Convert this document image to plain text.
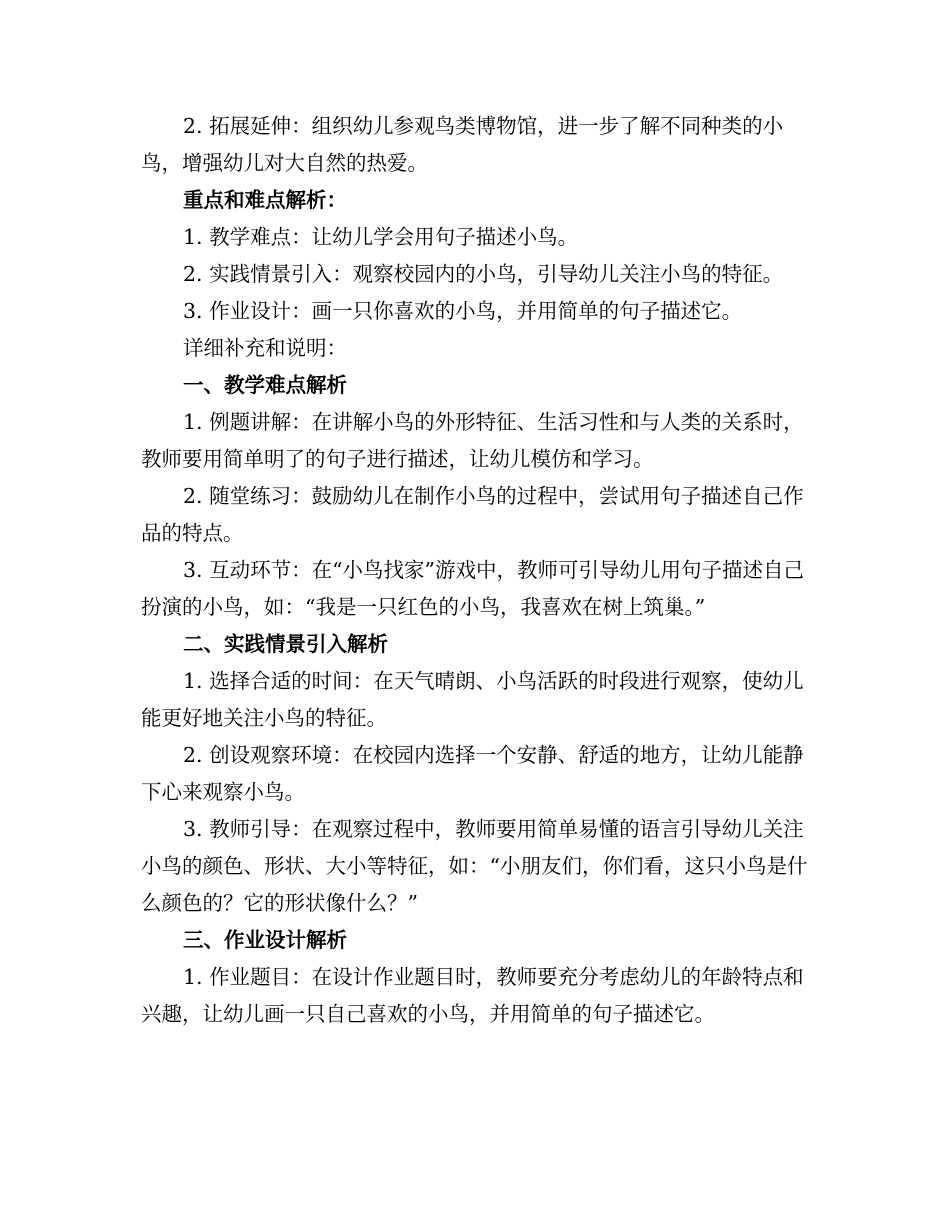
2. 拓展延伸：组织幼儿参观鸟类博物馆，进一步了解不同种类的小鸟，增强幼儿对大自然的热爱。

重点和难点解析：

1. 教学难点：让幼儿学会用句子描述小鸟。

2. 实践情景引入：观察校园内的小鸟，引导幼儿关注小鸟的特征。

3. 作业设计：画一只你喜欢的小鸟，并用简单的句子描述它。

详细补充和说明：

一、教学难点解析

1. 例题讲解：在讲解小鸟的外形特征、生活习性和与人类的关系时，教师要用简单明了的句子进行描述，让幼儿模仿和学习。

2. 随堂练习：鼓励幼儿在制作小鸟的过程中，尝试用句子描述自己作品的特点。

3. 互动环节：在“小鸟找家”游戏中，教师可引导幼儿用句子描述自己扮演的小鸟，如：“我是一只红色的小鸟，我喜欢在树上筑巢。”

二、实践情景引入解析

1. 选择合适的时间：在天气晴朗、小鸟活跃的时段进行观察，使幼儿能更好地关注小鸟的特征。

2. 创设观察环境：在校园内选择一个安静、舒适的地方，让幼儿能静下心来观察小鸟。

3. 教师引导：在观察过程中，教师要用简单易懂的语言引导幼儿关注小鸟的颜色、形状、大小等特征，如：“小朋友们，你们看，这只小鸟是什么颜色的？它的形状像什么？”

三、作业设计解析

1. 作业题目：在设计作业题目时，教师要充分考虑幼儿的年龄特点和兴趣，让幼儿画一只自己喜欢的小鸟，并用简单的句子描述它。
